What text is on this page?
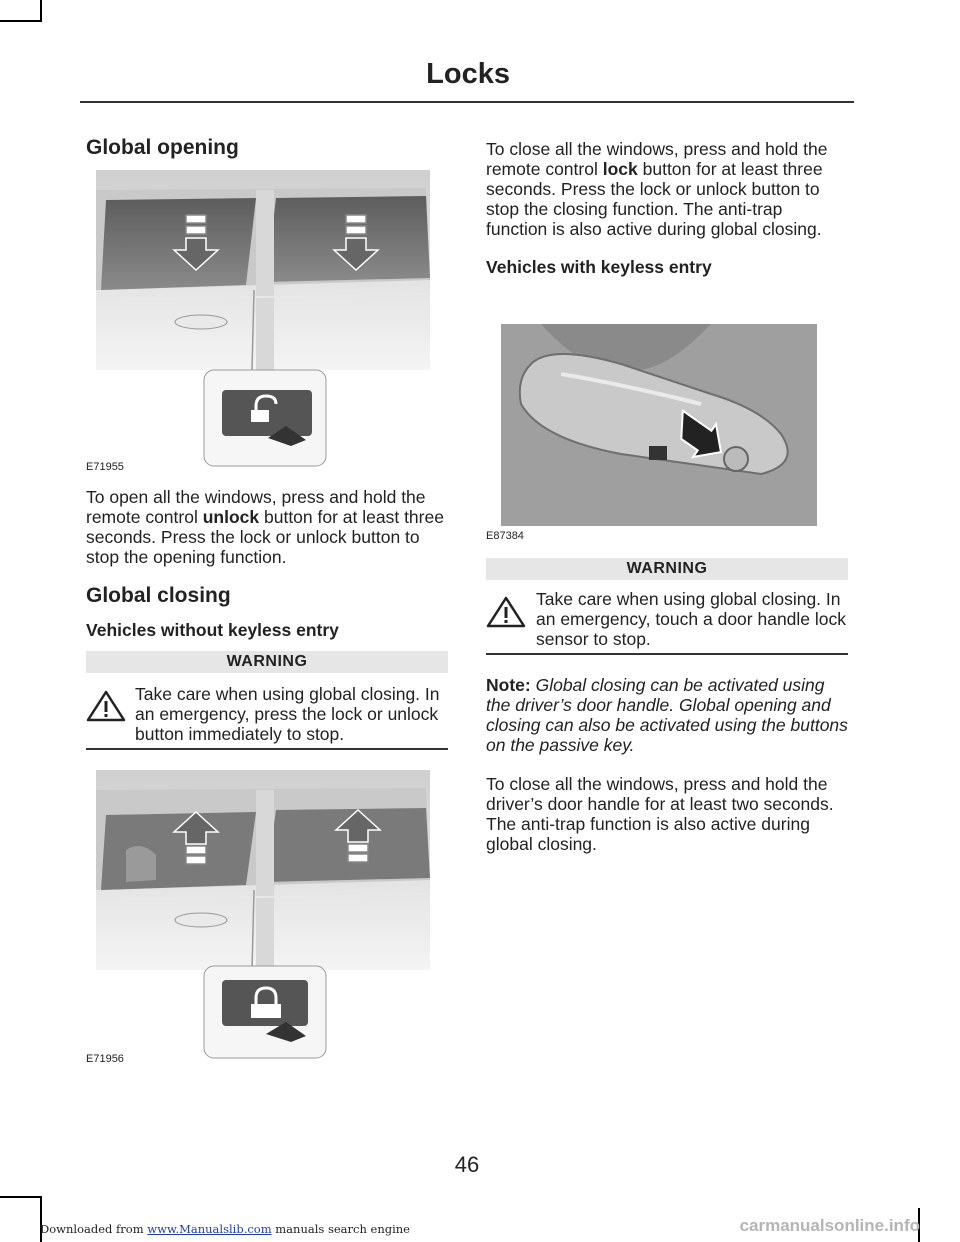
Locks

Global opening

E71955

To open all the windows, press and hold the remote control unlock button for at least three seconds. Press the lock or unlock button to stop the opening function.

Global closing

Vehicles without keyless entry

WARNING
Take care when using global closing. In an emergency, press the lock or unlock button immediately to stop.
E71956

To close all the windows, press and hold the remote control lock button for at least three seconds. Press the lock or unlock button to stop the closing function. The anti-trap function is also active during global closing.

Vehicles with keyless entry

E87384
WARNING
Take care when using global closing. In an emergency, touch a door handle lock sensor to stop.

Note: Global closing can be activated using the driver’s door handle. Global opening and closing can also be activated using the buttons on the passive key.

To close all the windows, press and hold the driver’s door handle for at least two seconds. The anti-trap function is also active during global closing.

46
Downloaded from www.Manualslib.com manuals search engine	carmanualsonline.info
